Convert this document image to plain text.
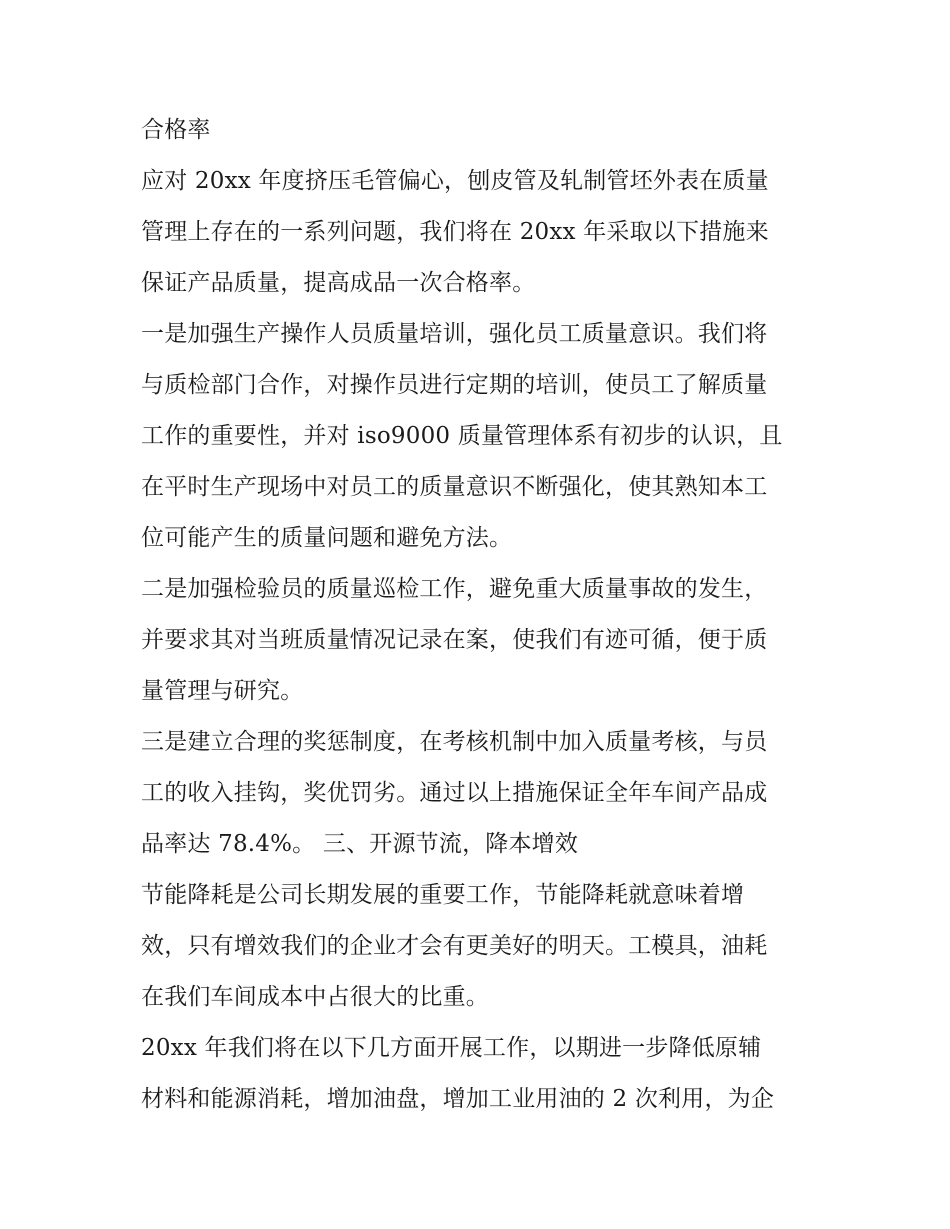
合格率
应对 20xx 年度挤压毛管偏心，刨皮管及轧制管坯外表在质量
管理上存在的一系列问题，我们将在 20xx 年采取以下措施来
保证产品质量，提高成品一次合格率。
一是加强生产操作人员质量培训，强化员工质量意识。我们将
与质检部门合作，对操作员进行定期的培训，使员工了解质量
工作的重要性，并对 iso9000 质量管理体系有初步的认识，且
在平时生产现场中对员工的质量意识不断强化，使其熟知本工
位可能产生的质量问题和避免方法。
二是加强检验员的质量巡检工作，避免重大质量事故的发生，
并要求其对当班质量情况记录在案，使我们有迹可循，便于质
量管理与研究。
三是建立合理的奖惩制度，在考核机制中加入质量考核，与员
工的收入挂钩，奖优罚劣。通过以上措施保证全年车间产品成
品率达 78.4%。 三、开源节流，降本增效
节能降耗是公司长期发展的重要工作，节能降耗就意味着增
效，只有增效我们的企业才会有更美好的明天。工模具，油耗
在我们车间成本中占很大的比重。
20xx 年我们将在以下几方面开展工作，以期进一步降低原辅
材料和能源消耗，增加油盘，增加工业用油的 2 次利用，为企
